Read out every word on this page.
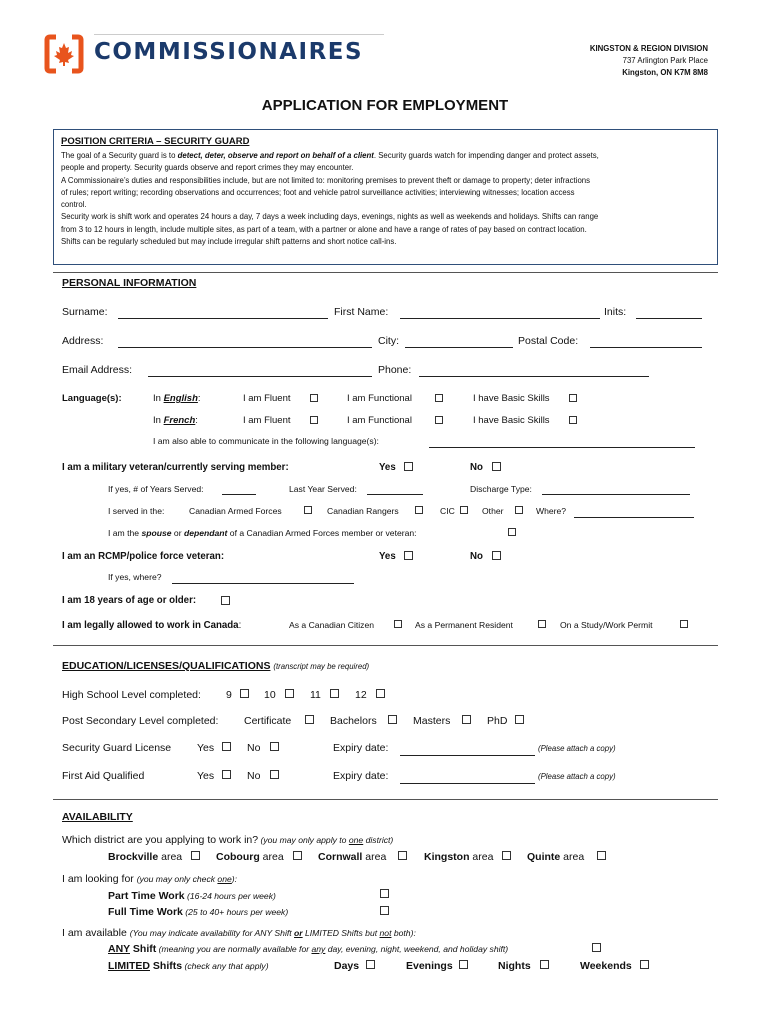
COMMISSIONAIRES	KINGSTON & REGION DIVISION
737 Arlington Park Place
Kingston, ON K7M 8M8
APPLICATION FOR EMPLOYMENT
POSITION CRITERIA – SECURITY GUARD
The goal of a Security guard is to detect, deter, observe and report on behalf of a client. Security guards watch for impending danger and protect assets,
people and property. Security guards observe and report crimes they may encounter.
A Commissionaire’s duties and responsibilities include, but are not limited to: monitoring premises to prevent theft or damage to property; deter infractions
of rules; report writing; recording observations and occurrences; foot and vehicle patrol surveillance activities; interviewing witnesses; location access
control.
Security work is shift work and operates 24 hours a day, 7 days a week including days, evenings, nights as well as weekends and holidays. Shifts can range
from 3 to 12 hours in length, include multiple sites, as part of a team, with a partner or alone and have a range of rates of pay based on contract location.
Shifts can be regularly scheduled but may include irregular shift patterns and short notice call-ins.
PERSONAL INFORMATION
Surname:	First Name:	Inits:
Address:	City:	Postal Code:
Email Address:	Phone:
Language(s):	In English:	I am Fluent	I am Functional	I have Basic Skills
In French:	I am Fluent	I am Functional	I have Basic Skills
I am also able to communicate in the following language(s):
I am a military veteran/currently serving member:	Yes	No
If yes, # of Years Served:	Last Year Served:	Discharge Type:
I served in the:	Canadian Armed Forces	Canadian Rangers	CIC	Other	Where?
I am the spouse or dependant of a Canadian Armed Forces member or veteran:
I am an RCMP/police force veteran:	Yes	No
If yes, where?
I am 18 years of age or older:
I am legally allowed to work in Canada:	As a Canadian Citizen	As a Permanent Resident	On a Study/Work Permit
EDUCATION/LICENSES/QUALIFICATIONS (transcript may be required)
High School Level completed: 9	10	11	12
Post Secondary Level completed: Certificate	Bachelors	Masters	PhD
Security Guard License Yes	No	Expiry date:	(Please attach a copy)
First Aid Qualified	Yes	No	Expiry date:	(Please attach a copy)
AVAILABILITY
Which district are you applying to work in? (you may only apply to one district)
Brockville area	Cobourg area	Cornwall area	Kingston area	Quinte area
I am looking for (you may only check one):
Part Time Work (16-24 hours per week)
Full Time Work (25 to 40+ hours per week)
I am available (You may indicate availability for ANY Shift or LIMITED Shifts but not both):
ANY Shift (meaning you are normally available for any day, evening, night, weekend, and holiday shift)
LIMITED Shifts (check any that apply)	Days	Evenings	Nights	Weekends
